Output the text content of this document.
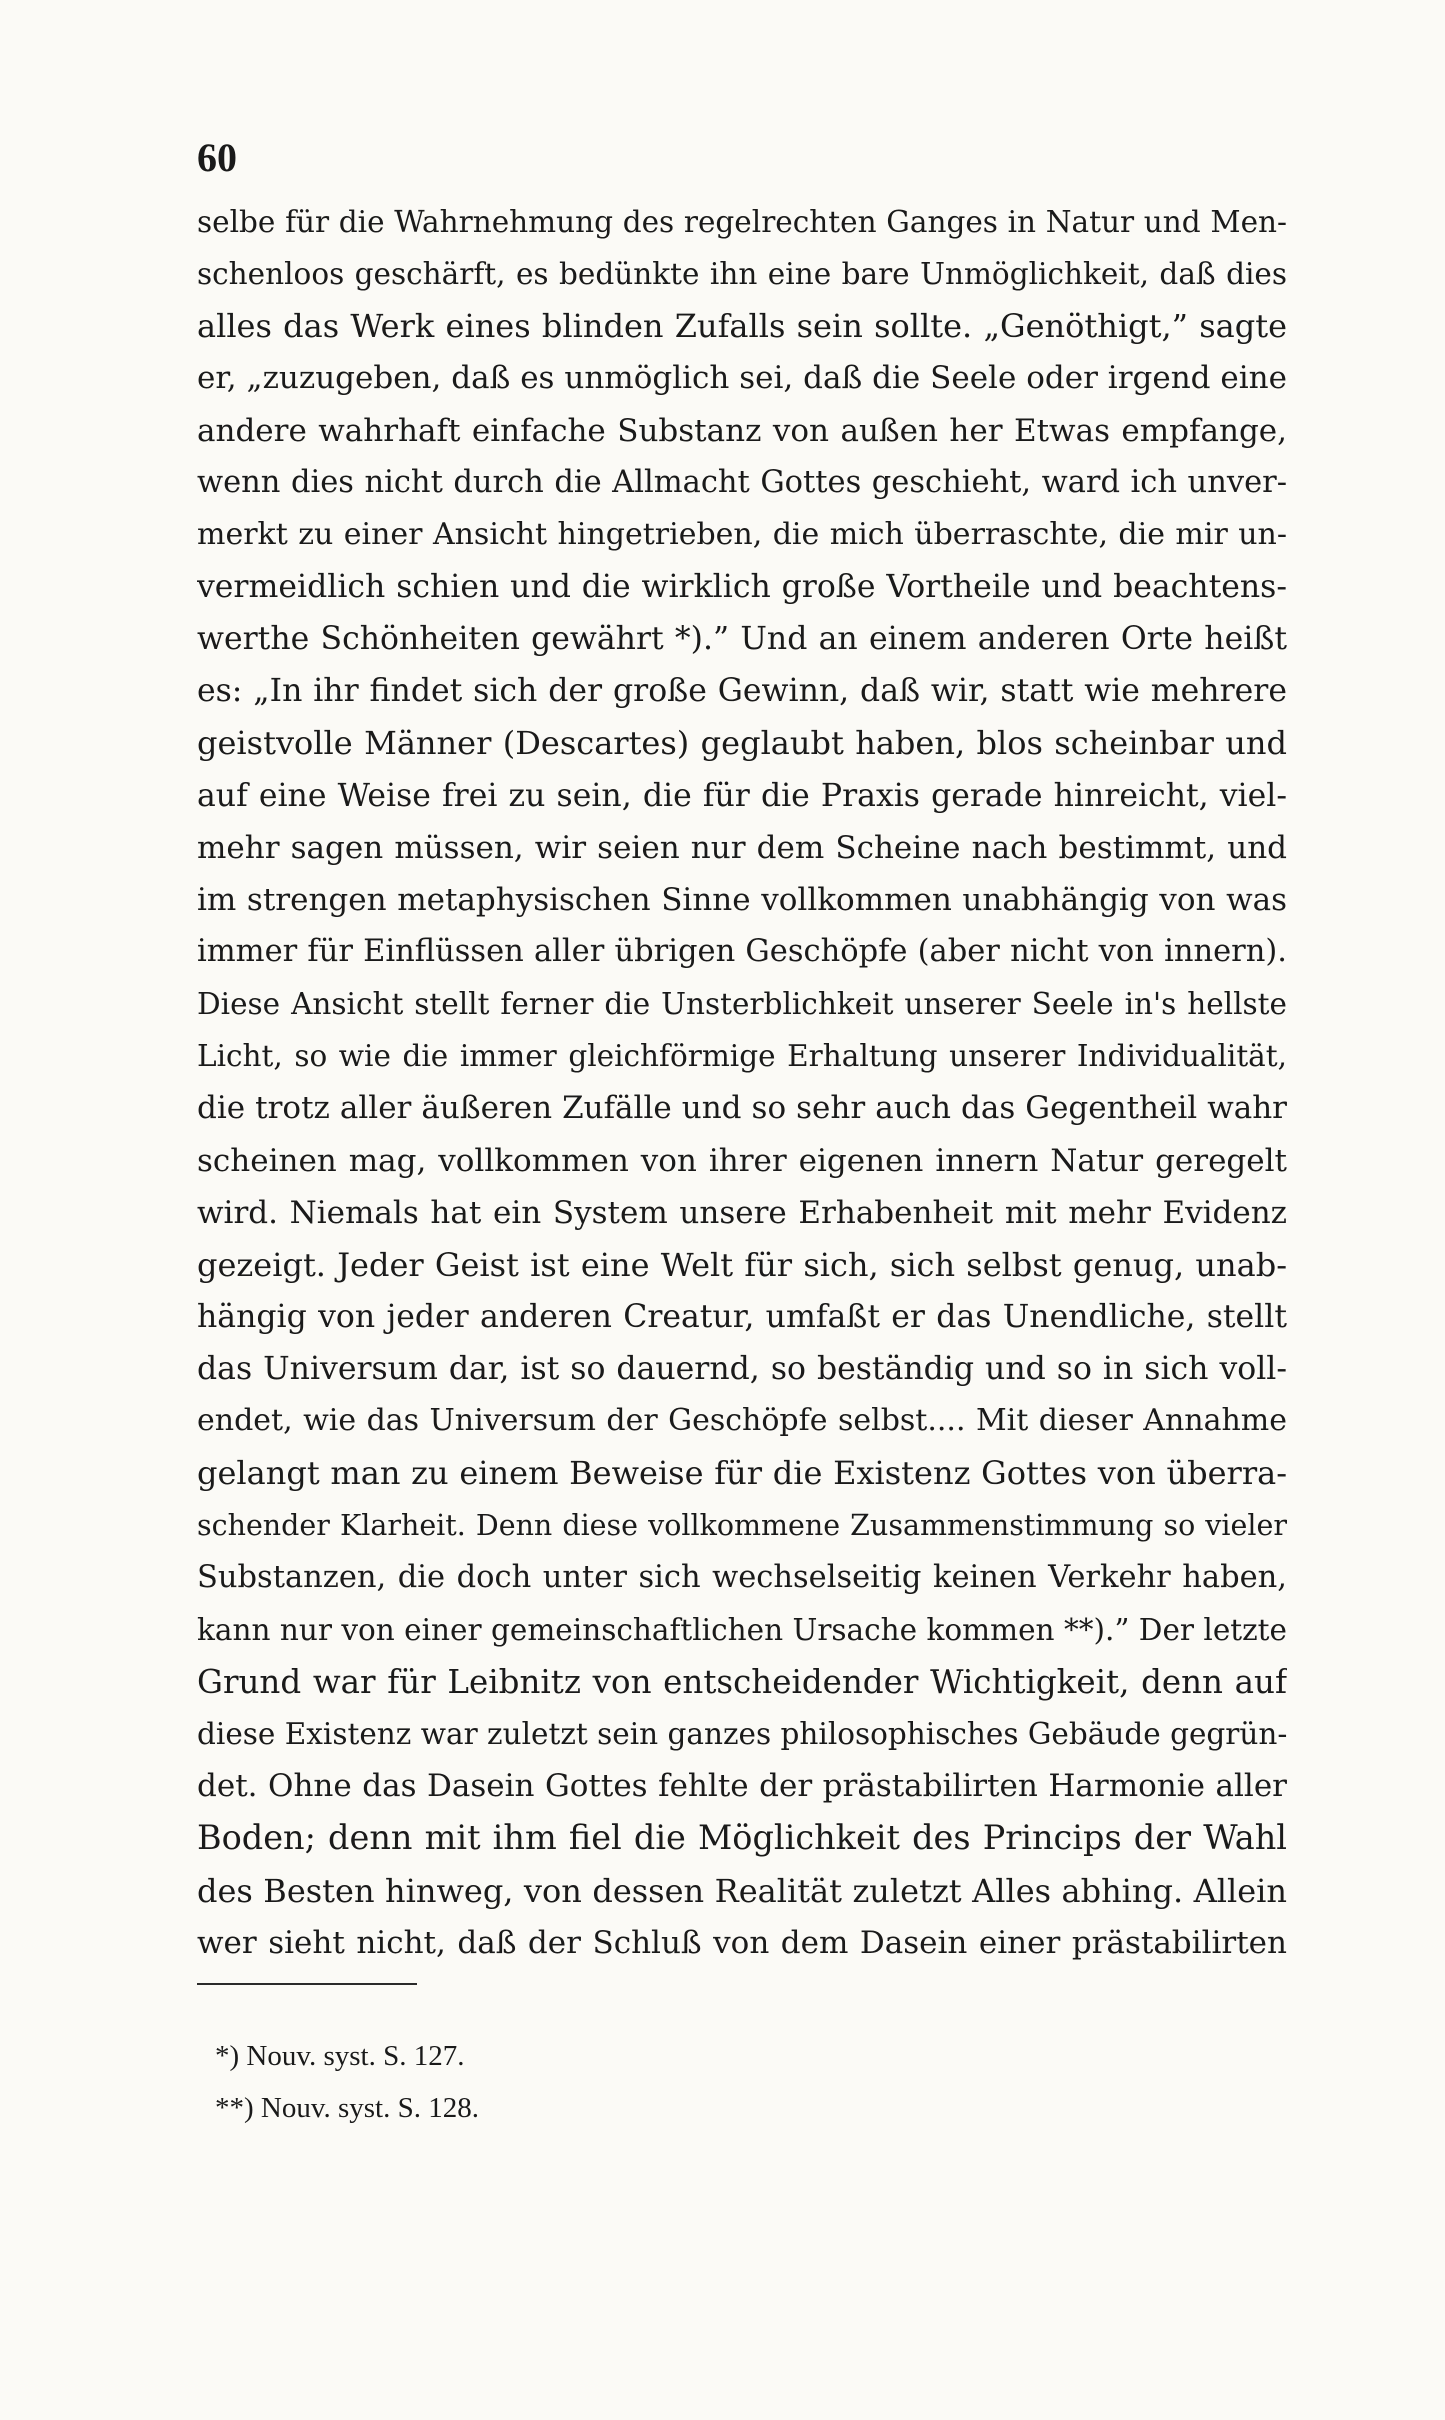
60
selbe für die Wahrnehmung des regelrechten Ganges in Natur und Men-
schenloos geschärft, es bedünkte ihn eine bare Unmöglichkeit, daß dies
alles das Werk eines blinden Zufalls sein sollte. „Genöthigt,” sagte
er, „zuzugeben, daß es unmöglich sei, daß die Seele oder irgend eine
andere wahrhaft einfache Substanz von außen her Etwas empfange,
wenn dies nicht durch die Allmacht Gottes geschieht, ward ich unver-
merkt zu einer Ansicht hingetrieben, die mich überraschte, die mir un-
vermeidlich schien und die wirklich große Vortheile und beachtens-
werthe Schönheiten gewährt *).” Und an einem anderen Orte heißt
es: „In ihr findet sich der große Gewinn, daß wir, statt wie mehrere
geistvolle Männer (Descartes) geglaubt haben, blos scheinbar und
auf eine Weise frei zu sein, die für die Praxis gerade hinreicht, viel-
mehr sagen müssen, wir seien nur dem Scheine nach bestimmt, und
im strengen metaphysischen Sinne vollkommen unabhängig von was
immer für Einflüssen aller übrigen Geschöpfe (aber nicht von innern).
Diese Ansicht stellt ferner die Unsterblichkeit unserer Seele in's hellste
Licht, so wie die immer gleichförmige Erhaltung unserer Individualität,
die trotz aller äußeren Zufälle und so sehr auch das Gegentheil wahr
scheinen mag, vollkommen von ihrer eigenen innern Natur geregelt
wird. Niemals hat ein System unsere Erhabenheit mit mehr Evidenz
gezeigt. Jeder Geist ist eine Welt für sich, sich selbst genug, unab-
hängig von jeder anderen Creatur, umfaßt er das Unendliche, stellt
das Universum dar, ist so dauernd, so beständig und so in sich voll-
endet, wie das Universum der Geschöpfe selbst.... Mit dieser Annahme
gelangt man zu einem Beweise für die Existenz Gottes von überra-
schender Klarheit. Denn diese vollkommene Zusammenstimmung so vieler
Substanzen, die doch unter sich wechselseitig keinen Verkehr haben,
kann nur von einer gemeinschaftlichen Ursache kommen **).” Der letzte
Grund war für Leibnitz von entscheidender Wichtigkeit, denn auf
diese Existenz war zuletzt sein ganzes philosophisches Gebäude gegrün-
det. Ohne das Dasein Gottes fehlte der prästabilirten Harmonie aller
Boden; denn mit ihm fiel die Möglichkeit des Princips der Wahl
des Besten hinweg, von dessen Realität zuletzt Alles abhing. Allein
wer sieht nicht, daß der Schluß von dem Dasein einer prästabilirten
*) Nouv. syst. S. 127.
**) Nouv. syst. S. 128.
